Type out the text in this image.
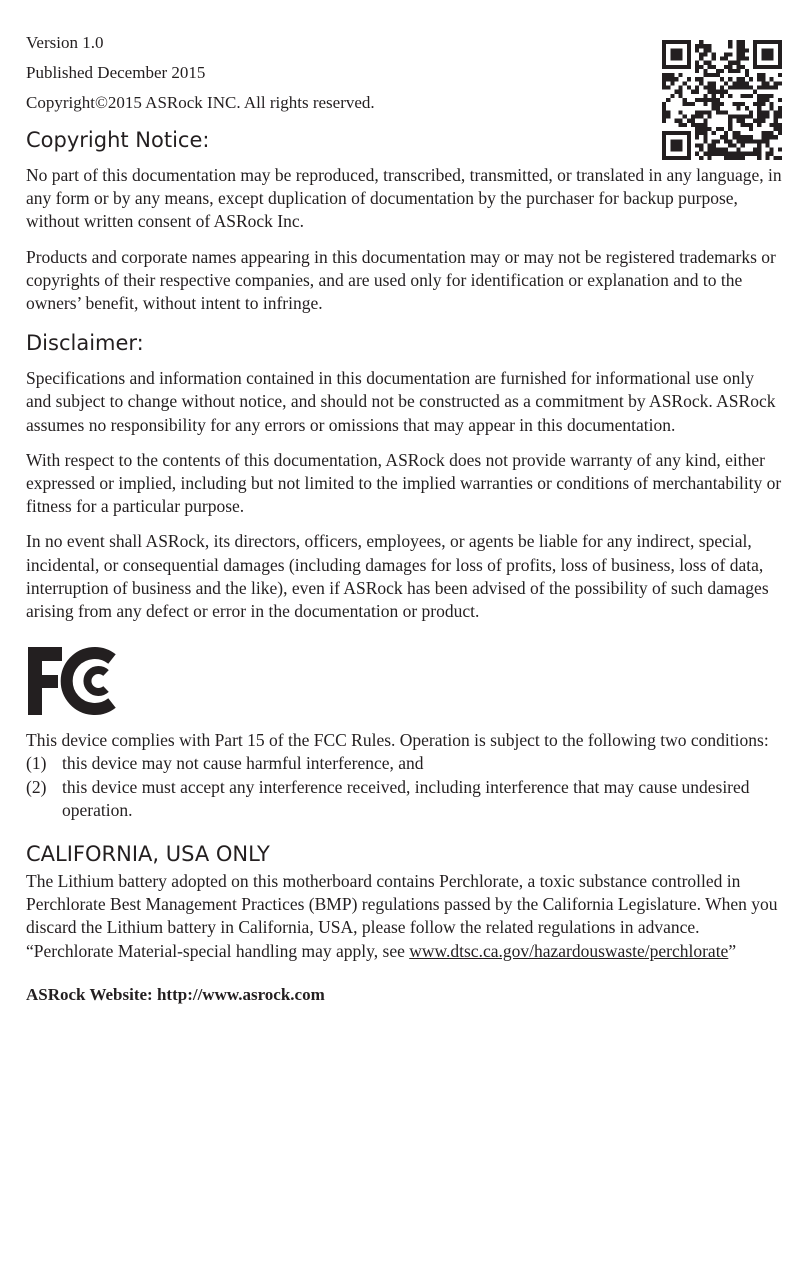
Version 1.0
Published December 2015
Copyright©2015 ASRock INC. All rights reserved.
Copyright Notice:

No part of this documentation may be reproduced, transcribed, transmitted, or translated in any language, in any form or by any means, except duplication of documentation by the purchaser for backup purpose, without written consent of ASRock Inc.

Products and corporate names appearing in this documentation may or may not be registered trademarks or copyrights of their respective companies, and are used only for identification or explanation and to the owners’ benefit, without intent to infringe.

Disclaimer:

Specifications and information contained in this documentation are furnished for informational use only and subject to change without notice, and should not be constructed as a commitment by ASRock. ASRock assumes no responsibility for any errors or omissions that may appear in this documentation.

With respect to the contents of this documentation, ASRock does not provide warranty of any kind, either expressed or implied, including but not limited to the implied warranties or conditions of merchantability or fitness for a particular purpose.

In no event shall ASRock, its directors, officers, employees, or agents be liable for any indirect, special, incidental, or consequential damages (including damages for loss of profits, loss of business, loss of data, interruption of business and the like), even if ASRock has been advised of the possibility of such damages arising from any defect or error in the documentation or product.

This device complies with Part 15 of the FCC Rules. Operation is subject to the following two conditions:

(1) this device may not cause harmful interference, and
(2) this device must accept any interference received, including interference that may cause undesired operation.
CALIFORNIA, USA ONLY

The Lithium battery adopted on this motherboard contains Perchlorate, a toxic substance controlled in Perchlorate Best Management Practices (BMP) regulations passed by the California Legislature. When you discard the Lithium battery in California, USA, please follow the related regulations in advance.

“Perchlorate Material-special handling may apply, see www.dtsc.ca.gov/hazardouswaste/perchlorate”

ASRock Website: http://www.asrock.com
